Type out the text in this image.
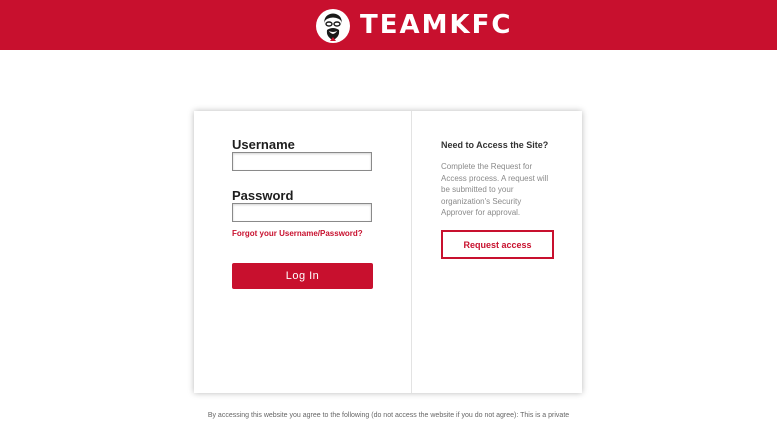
TEAMKFC
Username
Password
Forgot your Username/Password?
Log In
Need to Access the Site?
Complete the Request for Access process. A request will be submitted to your organization's Security Approver for approval.
Request access
By accessing this website you agree to the following (do not access the website if you do not agree): This is a private
